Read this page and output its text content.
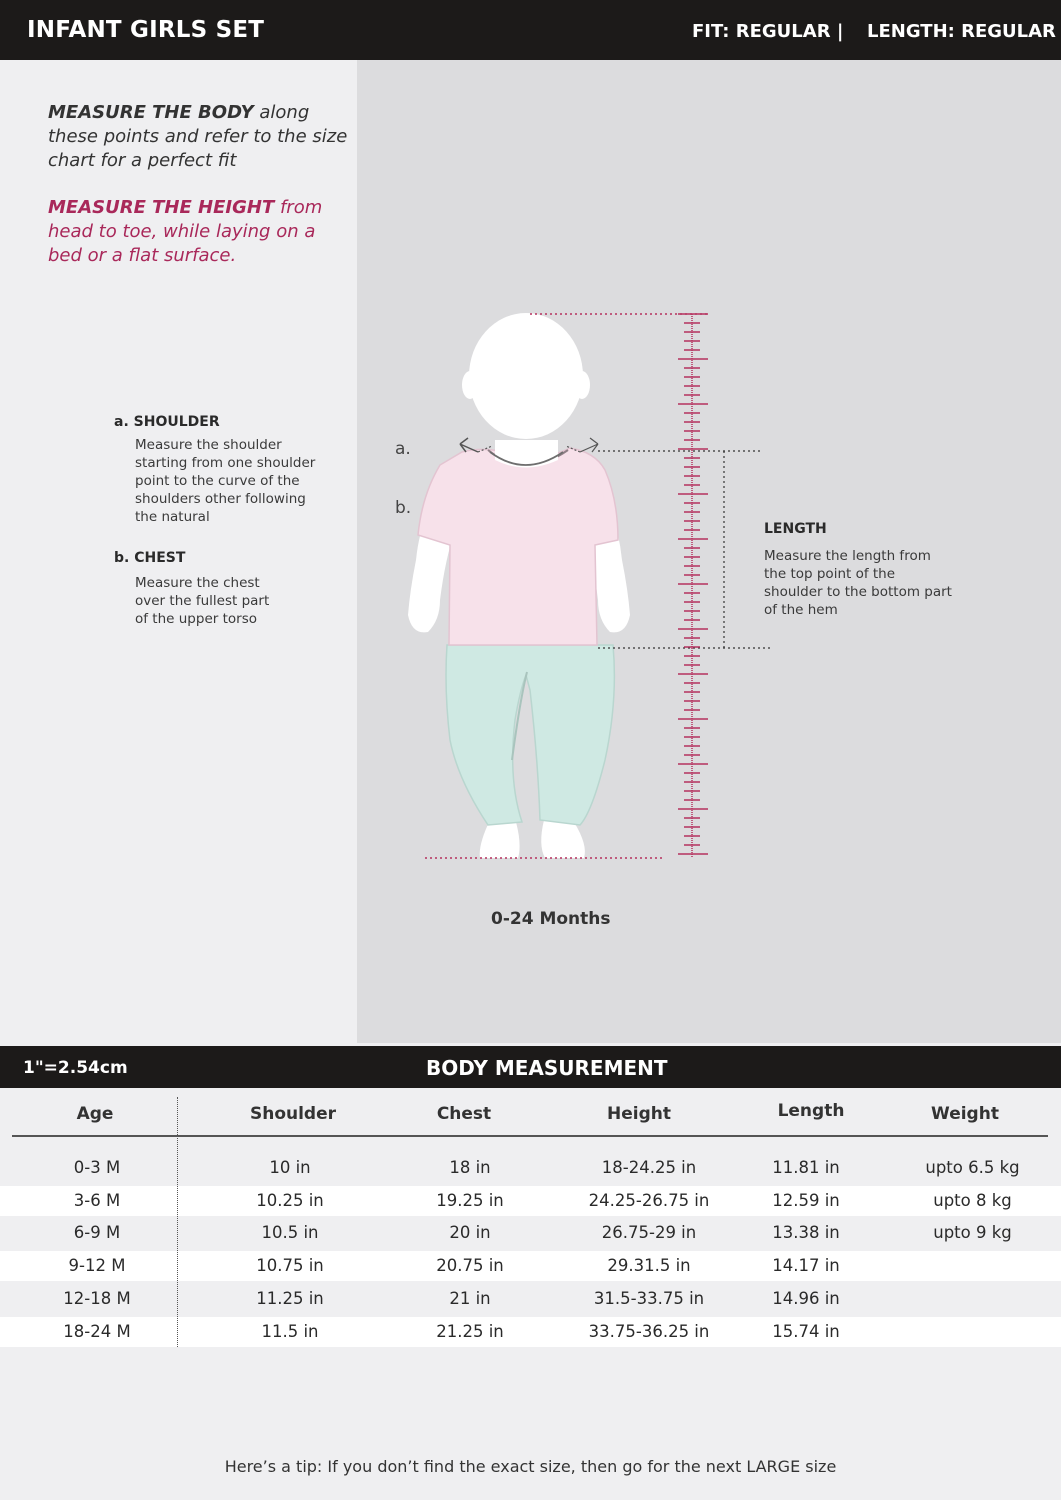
INFANT GIRLS SET	FIT: REGULAR | LENGTH: REGULAR
MEASURE THE BODY along these points and refer to the size chart for a perfect fit
MEASURE THE HEIGHT from head to toe, while laying on a bed or a flat surface.
a. SHOULDER
Measure the shoulder
starting from one shoulder
point to the curve of the
shoulders other following
the natural
b. CHEST
Measure the chest
over the fullest part
of the upper torso
a.
b.
LENGTH
Measure the length from
the top point of the
shoulder to the bottom part
of the hem
0-24 Months
1"=2.54cm	BODY MEASUREMENT
Age	Shoulder	Chest	Height	Length	Weight
0-3 M	10 in	18 in	18-24.25 in	11.81 in	upto 6.5 kg
3-6 M	10.25 in	19.25 in	24.25-26.75 in	12.59 in	upto 8 kg
6-9 M	10.5 in	20 in	26.75-29 in	13.38 in	upto 9 kg
9-12 M	10.75 in	20.75 in	29.31.5 in	14.17 in
12-18 M	11.25 in	21 in	31.5-33.75 in	14.96 in
18-24 M	11.5 in	21.25 in	33.75-36.25 in	15.74 in
Here’s a tip: If you don’t find the exact size, then go for the next LARGE size
